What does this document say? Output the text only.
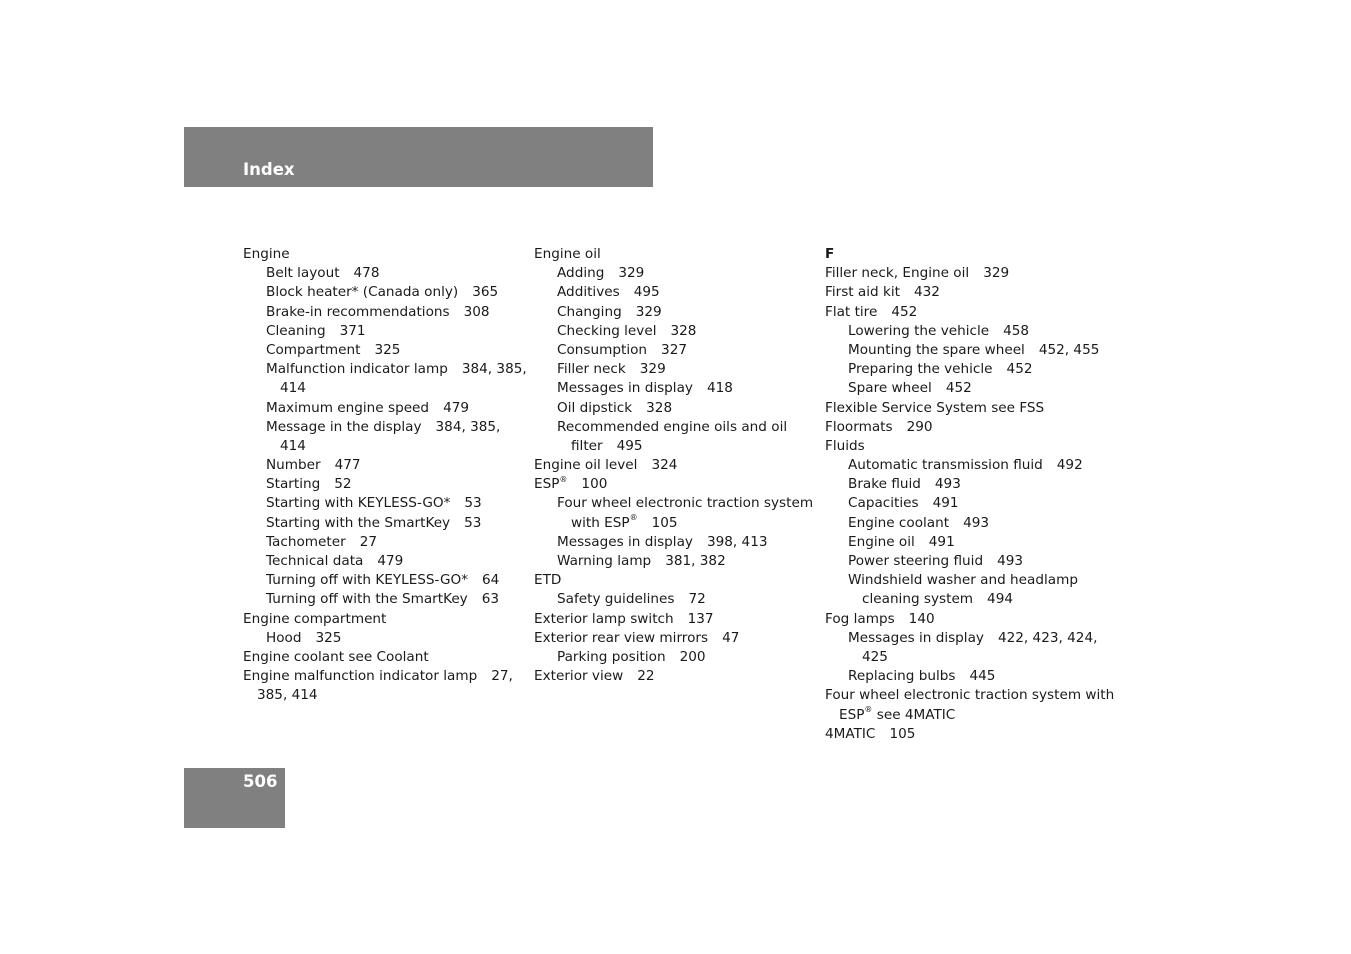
Index
Engine
Belt layout 478
Block heater* (Canada only) 365
Brake-in recommendations 308
Cleaning 371
Compartment 325
Malfunction indicator lamp 384, 385,
414
Maximum engine speed 479
Message in the display 384, 385,
414
Number 477
Starting 52
Starting with KEYLESS-GO* 53
Starting with the SmartKey 53
Tachometer 27
Technical data 479
Turning off with KEYLESS-GO* 64
Turning off with the SmartKey 63
Engine compartment
Hood 325
Engine coolant see Coolant
Engine malfunction indicator lamp 27,
385, 414
Engine oil
Adding 329
Additives 495
Changing 329
Checking level 328
Consumption 327
Filler neck 329
Messages in display 418
Oil dipstick 328
Recommended engine oils and oil
filter 495
Engine oil level 324
ESP® 100
Four wheel electronic traction system
with ESP® 105
Messages in display 398, 413
Warning lamp 381, 382
ETD
Safety guidelines 72
Exterior lamp switch 137
Exterior rear view mirrors 47
Parking position 200
Exterior view 22
F
Filler neck, Engine oil 329
First aid kit 432
Flat tire 452
Lowering the vehicle 458
Mounting the spare wheel 452, 455
Preparing the vehicle 452
Spare wheel 452
Flexible Service System see FSS
Floormats 290
Fluids
Automatic transmission fluid 492
Brake fluid 493
Capacities 491
Engine coolant 493
Engine oil 491
Power steering fluid 493
Windshield washer and headlamp
cleaning system 494
Fog lamps 140
Messages in display 422, 423, 424,
425
Replacing bulbs 445
Four wheel electronic traction system with
ESP® see 4MATIC
4MATIC 105
506
